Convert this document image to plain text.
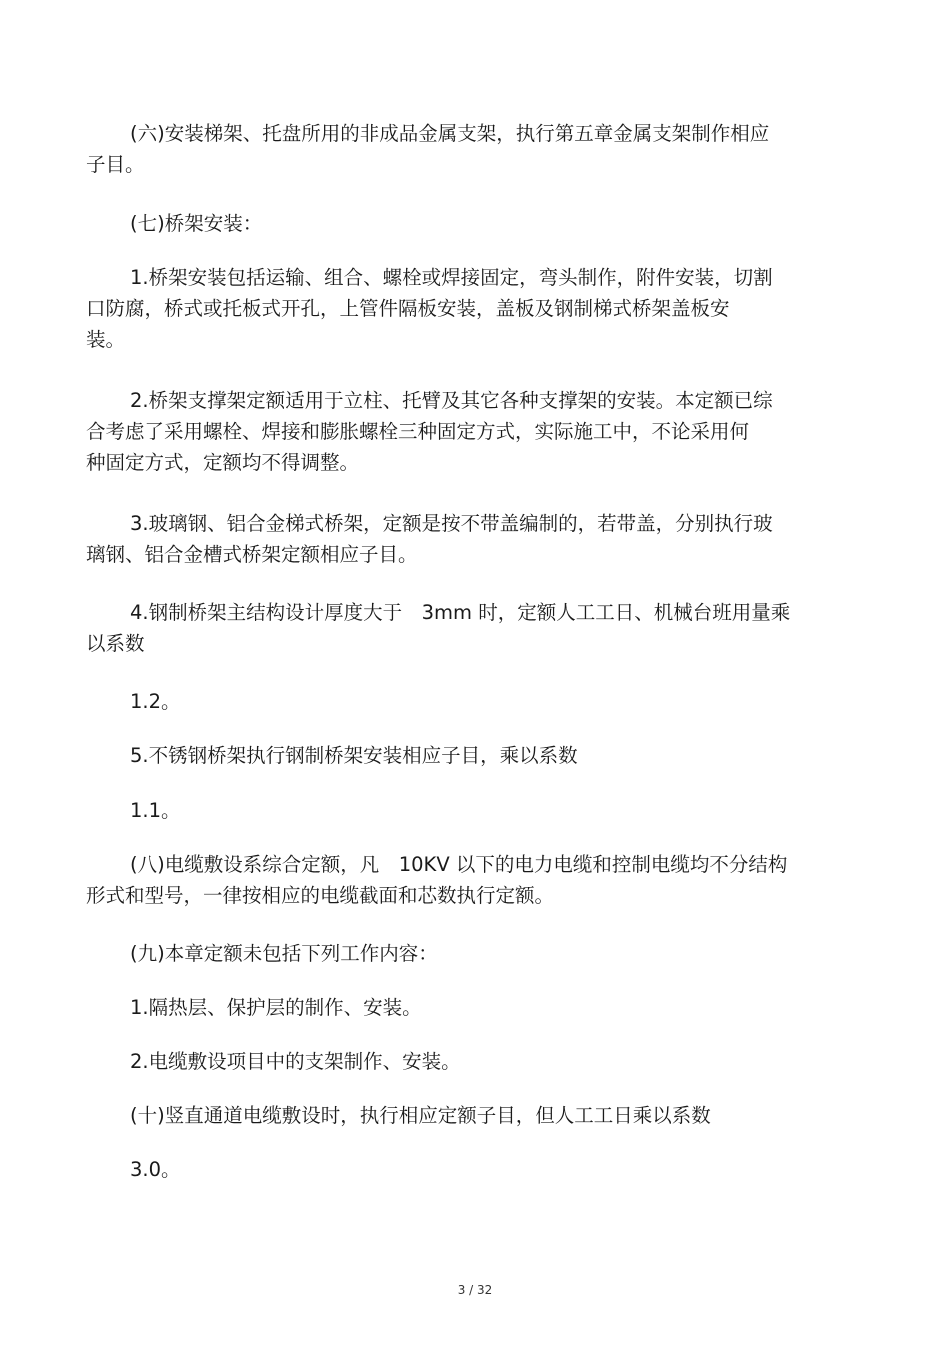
(六)安装梯架、托盘所用的非成品金属支架，执行第五章金属支架制作相应
子目。

(七)桥架安装：

1.桥架安装包括运输、组合、螺栓或焊接固定，弯头制作，附件安装，切割
口防腐，桥式或托板式开孔，上管件隔板安装，盖板及钢制梯式桥架盖板安
装。

2.桥架支撑架定额适用于立柱、托臂及其它各种支撑架的安装。本定额已综
合考虑了采用螺栓、焊接和膨胀螺栓三种固定方式，实际施工中，不论采用何
种固定方式，定额均不得调整。

3.玻璃钢、铝合金梯式桥架，定额是按不带盖编制的，若带盖，分别执行玻
璃钢、铝合金槽式桥架定额相应子目。

4.钢制桥架主结构设计厚度大于　3mm 时，定额人工工日、机械台班用量乘
以系数

1.2。

5.不锈钢桥架执行钢制桥架安装相应子目，乘以系数

1.1。

(八)电缆敷设系综合定额，凡　10KV 以下的电力电缆和控制电缆均不分结构
形式和型号，一律按相应的电缆截面和芯数执行定额。

(九)本章定额未包括下列工作内容：

1.隔热层、保护层的制作、安装。

2.电缆敷设项目中的支架制作、安装。

(十)竖直通道电缆敷设时，执行相应定额子目，但人工工日乘以系数

3.0。

3 / 32
